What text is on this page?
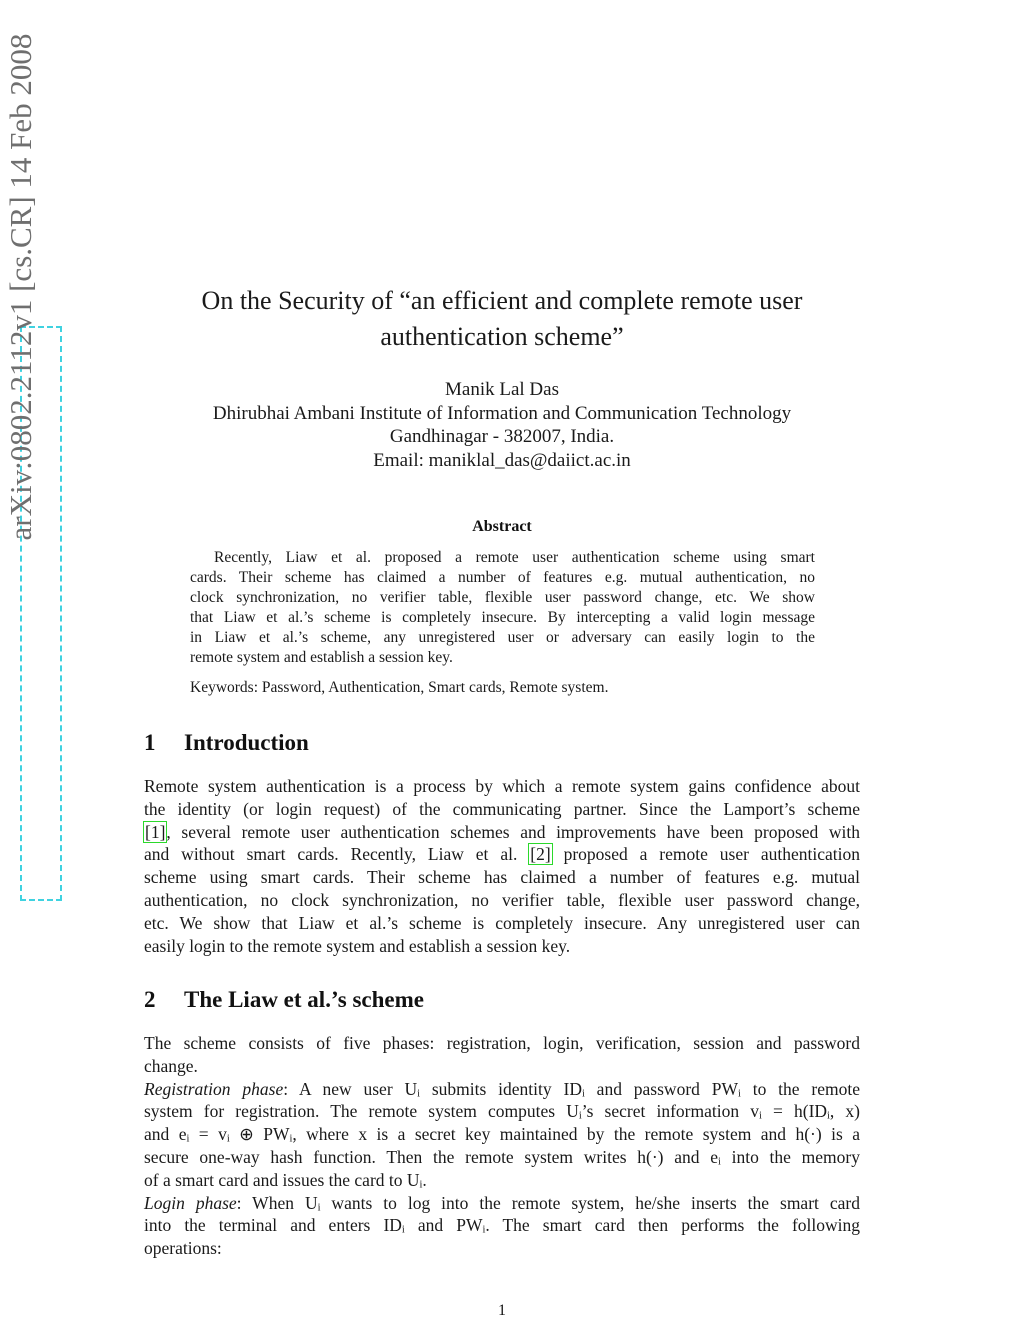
arXiv:0802.2112v1 [cs.CR] 14 Feb 2008	On the Security of “an efficient and complete remote user
authentication scheme”
Manik Lal Das
Dhirubhai Ambani Institute of Information and Communication Technology
Gandhinagar - 382007, India.
Email: maniklal_das@daiict.ac.in
Abstract
Recently, Liaw et al. proposed a remote user authentication scheme using smart
cards. Their scheme has claimed a number of features e.g. mutual authentication, no
clock synchronization, no verifier table, flexible user password change, etc. We show
that Liaw et al.’s scheme is completely insecure. By intercepting a valid login message
in Liaw et al.’s scheme, any unregistered user or adversary can easily login to the
remote system and establish a session key.
Keywords: Password, Authentication, Smart cards, Remote system.
1 Introduction
Remote system authentication is a process by which a remote system gains confidence about
the identity (or login request) of the communicating partner. Since the Lamport’s scheme
[1], several remote user authentication schemes and improvements have been proposed with
and without smart cards. Recently, Liaw et al. [2] proposed a remote user authentication
scheme using smart cards. Their scheme has claimed a number of features e.g. mutual
authentication, no clock synchronization, no verifier table, flexible user password change,
etc. We show that Liaw et al.’s scheme is completely insecure. Any unregistered user can
easily login to the remote system and establish a session key.
2 The Liaw et al.’s scheme
The scheme consists of five phases: registration, login, verification, session and password
change.
Registration phase: A new user Uᵢ submits identity IDᵢ and password PWᵢ to the remote
system for registration. The remote system computes Uᵢ’s secret information vᵢ = h(IDᵢ, x)
and eᵢ = vᵢ ⊕ PWᵢ, where x is a secret key maintained by the remote system and h(·) is a
secure one-way hash function. Then the remote system writes h(·) and eᵢ into the memory
of a smart card and issues the card to Uᵢ.
Login phase: When Uᵢ wants to log into the remote system, he/she inserts the smart card
into the terminal and enters IDᵢ and PWᵢ. The smart card then performs the following
operations:
1
